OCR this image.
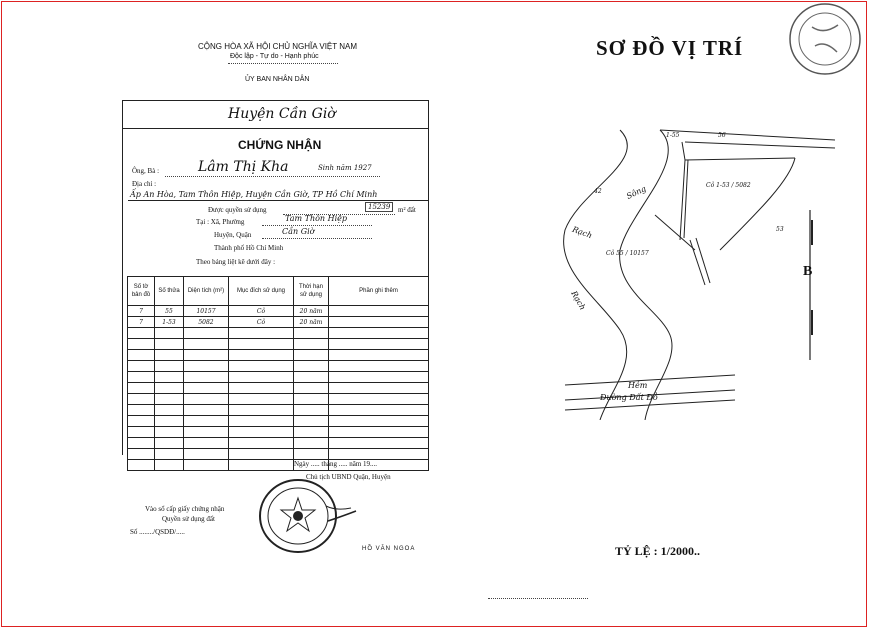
CỘNG HÒA XÃ HỘI CHỦ NGHĨA VIỆT NAM
Độc lập - Tự do - Hạnh phúc
ỦY BAN NHÂN DÂN
Huyện Cần Giờ
CHỨNG NHẬN
Ông, Bà :	Lâm Thị Kha	Sinh năm 1927
Địa chỉ :
Ấp An Hòa, Tam Thôn Hiệp, Huyện Cần Giờ, TP Hồ Chí Minh
Được quyền sử dụng	15239	m² đất
Tại : Xã, Phường	Tam Thôn Hiệp
Huyện, Quận	Cần Giờ
Thành phố Hồ Chí Minh
Theo bảng liệt kê dưới đây :
Số tờ bản đồ	Số thửa	Diện tích (m²)	Mục đích sử dụng	Thời hạn sử dụng	Phần ghi thêm
7	55	10157	Cỏ	20 năm	
7	1-53	5082	Cỏ	20 năm	

Ngày ..... tháng ..... năm 19....
Chủ tịch UBND Quận, Huyện
Vào sổ cấp giấy chứng nhận
Quyền sử dụng đất
Số ......../QSDĐ/.....
HỒ VĂN NGOA
SƠ ĐỒ VỊ TRÍ
Cỏ 1-53 / 5082
Cỏ 55 / 10157
Hẻm
Đường Đất Đỏ
B
1-55	56
42
53
Sông
Rạch
Rạch
TỶ LỆ : 1/2000..
